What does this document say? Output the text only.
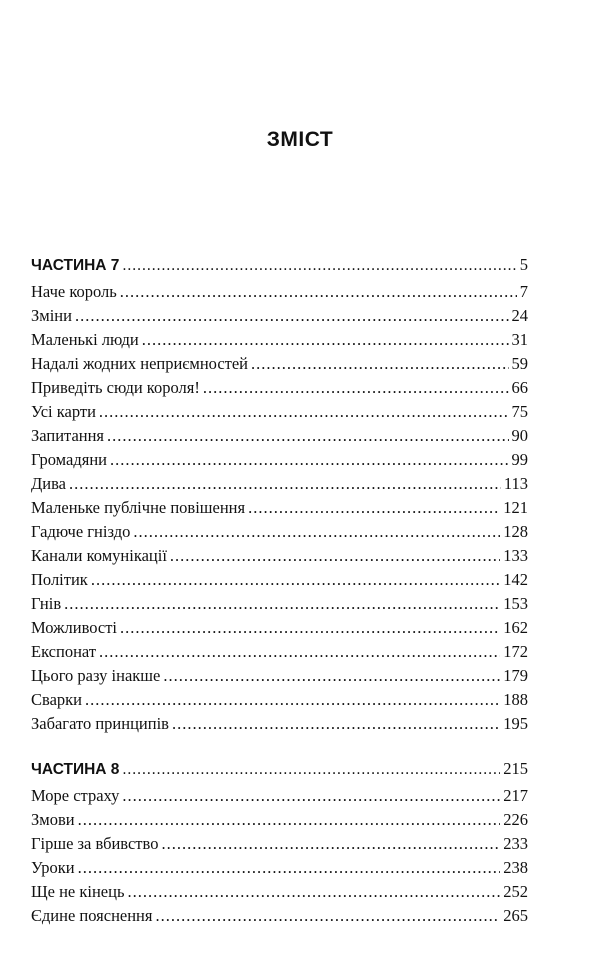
ЗМІСТ
ЧАСТИНА 7 .....	5
Наче король .....	7
Зміни .....	24
Маленькі люди .....	31
Надалі жодних неприємностей .....	59
Приведіть сюди короля! .....	66
Усі карти .....	75
Запитання .....	90
Громадяни .....	99
Дива .....	113
Маленьке публічне повішення .....	121
Гадюче гніздо .....	128
Канали комунікації .....	133
Політик .....	142
Гнів .....	153
Можливості .....	162
Експонат .....	172
Цього разу інакше .....	179
Сварки .....	188
Забагато принципів .....	195
ЧАСТИНА 8 .....	215
Море страху .....	217
Змови .....	226
Гірше за вбивство .....	233
Уроки .....	238
Ще не кінець .....	252
Єдине пояснення .....	265
